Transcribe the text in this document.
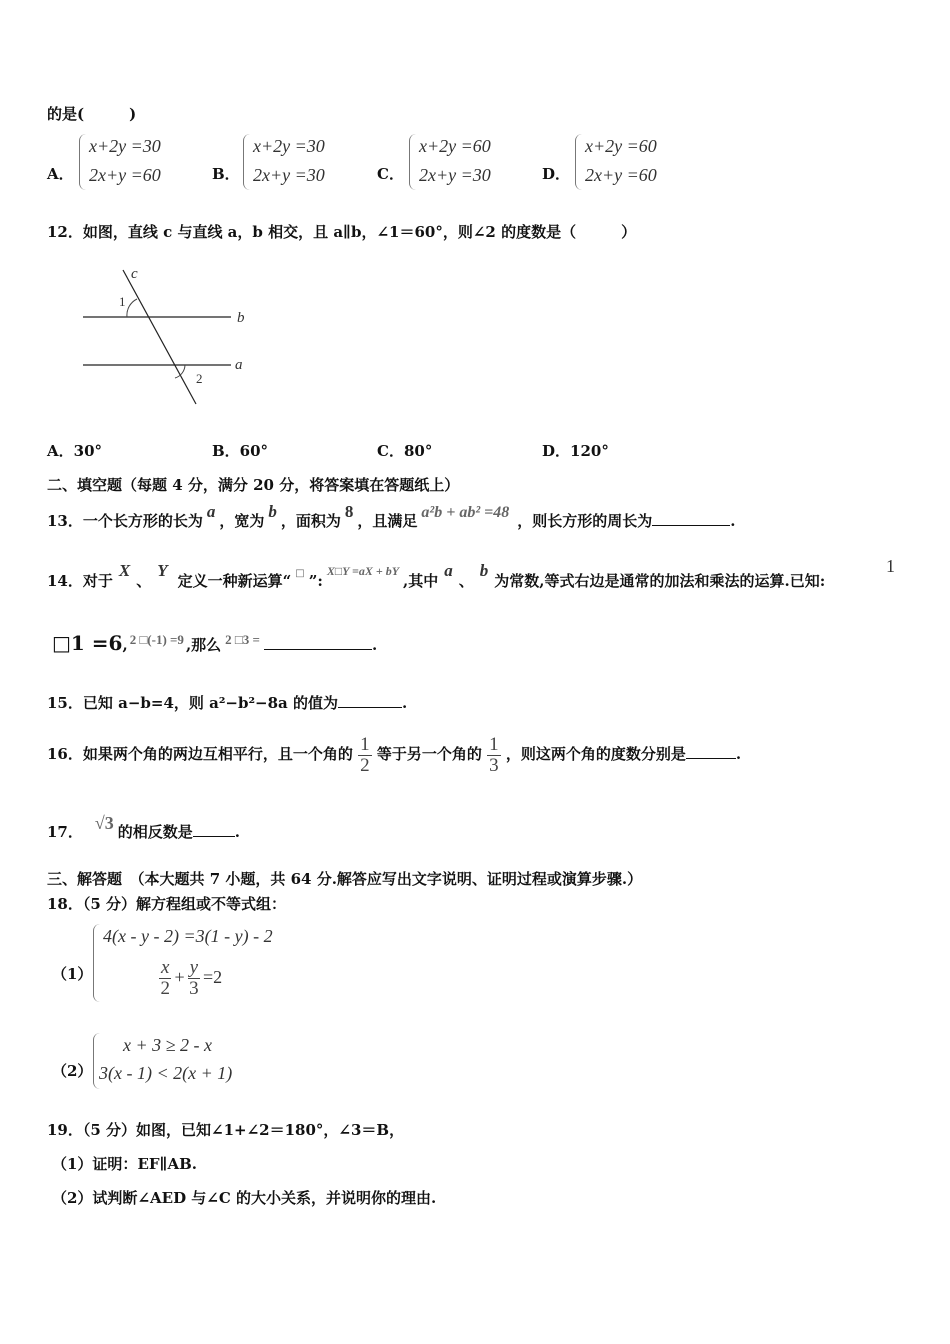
的是(　　　)
A．
x+2y =30
2x+y =60	B．
x+2y =30
2x+y =30	C．
x+2y =60
2x+y =30	D．
x+2y =60
2x+y =60
12．如图，直线 c 与直线 a，b 相交，且 a∥b，∠1＝60°，则∠2 的度数是（　　　）
c
b
a
1
2
A．30°	B．60°	C．80°	D．120°
二、填空题（每题 4 分，满分 20 分，将答案填在答题纸上）
13．一个长方形的长为 a ，宽为 b ，面积为 8 ，且满足 a²b + ab² =48 ，则长方形的周长为	.
14．对于X、Y定义一种新运算“ □ ”:$^{X□Y =aX + bY}$,其中a、b为常数,等式右边是通常的加法和乘法的运算.已知:
1
□1 =6, 2 □(-1) =9 ,那么 2 □3 =	.
15．已知 a−b=4，则 a²−b²−8a 的值为	.
16．如果两个角的两边互相平行，且一个角的 $\frac{1}{2}$ 等于另一个角的 $\frac{1}{3}$ ，则这两个角的度数分别是	.
17． √3 的相反数是	.
三、解答题　（本大题共 7 小题，共 64 分.解答应写出文字说明、证明过程或演算步骤.）
18．（5 分）解方程组或不等式组：
（1）
4(x - y - 2) =3(1 - y) - 2
$\frac{x}{2} + \frac{y}{3} =2$
（2）
x + 3 ≥ 2 - x
3(x - 1) < 2(x + 1)
19．（5 分）如图，已知∠1+∠2＝180°，∠3＝B，
（1）证明：EF∥AB.
（2）试判断∠AED 与∠C 的大小关系，并说明你的理由.
